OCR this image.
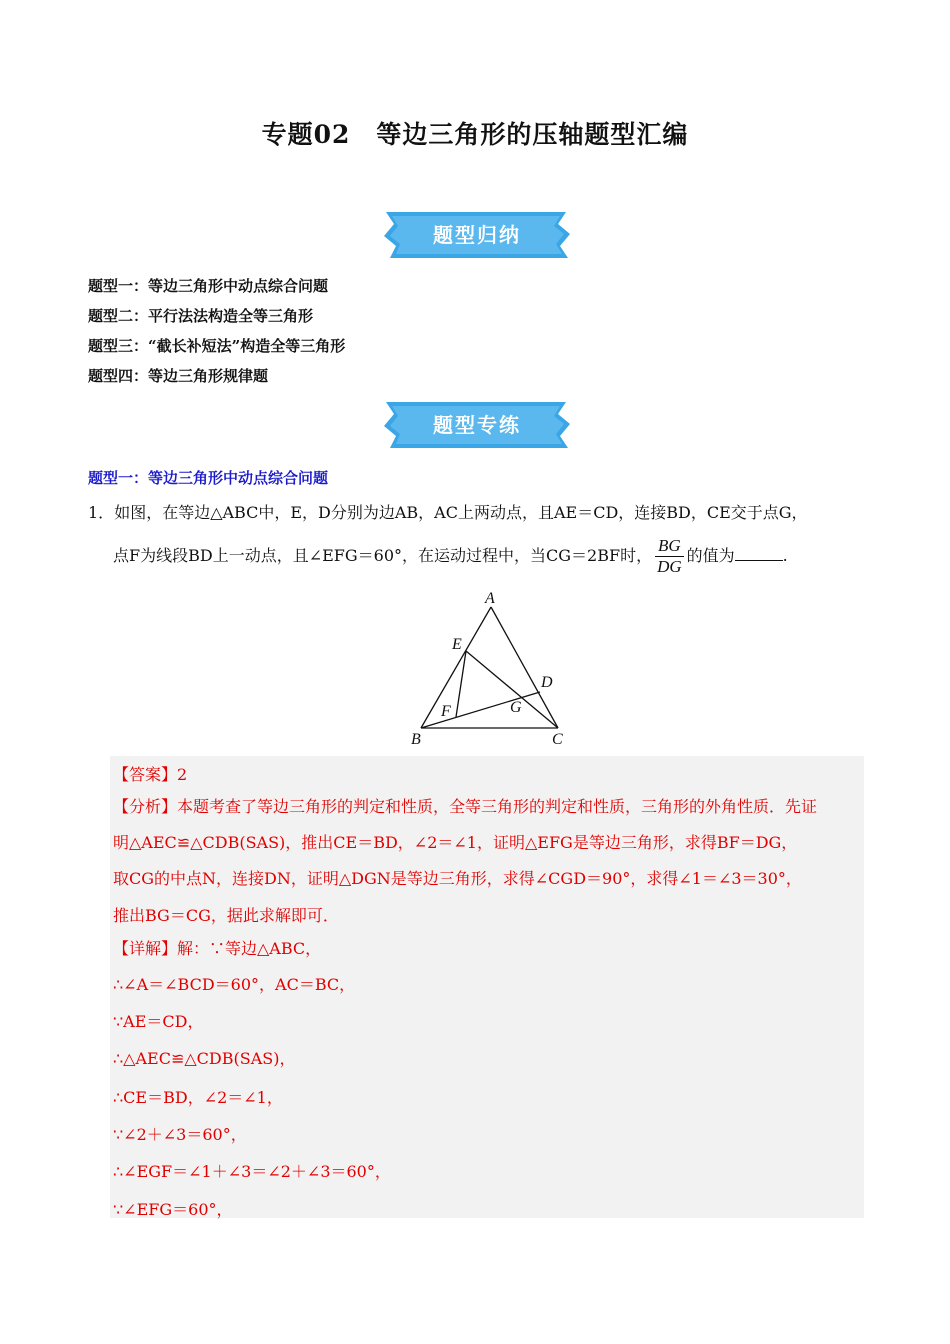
专题02　等边三角形的压轴题型汇编
题型归纳
题型一：等边三角形中动点综合问题
题型二：平行法法构造全等三角形
题型三：“截长补短法”构造全等三角形
题型四：等边三角形规律题
题型专练
题型一：等边三角形中动点综合问题
1．如图，在等边△ABC中，E，D分别为边AB，AC上两动点，且AE＝CD，连接BD，CE交于点G，
点F为线段BD上一动点，且∠EFG＝60°，在运动过程中，当CG＝2BF时， $\frac{BG}{DG}$ 的值为	.
A
B	C
D
E
F	G
【答案】2
【分析】本题考查了等边三角形的判定和性质，全等三角形的判定和性质，三角形的外角性质．先证
明△AEC≌△CDB(SAS)，推出CE＝BD，∠2＝∠1，证明△EFG是等边三角形，求得BF＝DG，
取CG的中点N，连接DN，证明△DGN是等边三角形，求得∠CGD＝90°，求得∠1＝∠3＝30°，
推出BG＝CG，据此求解即可．
【详解】解：∵等边△ABC，
∴∠A＝∠BCD＝60°，AC＝BC，
∵AE＝CD，
∴△AEC≌△CDB(SAS)，
∴CE＝BD，∠2＝∠1，
∵∠2＋∠3＝60°，
∴∠EGF＝∠1＋∠3＝∠2＋∠3＝60°，
∵∠EFG＝60°，
